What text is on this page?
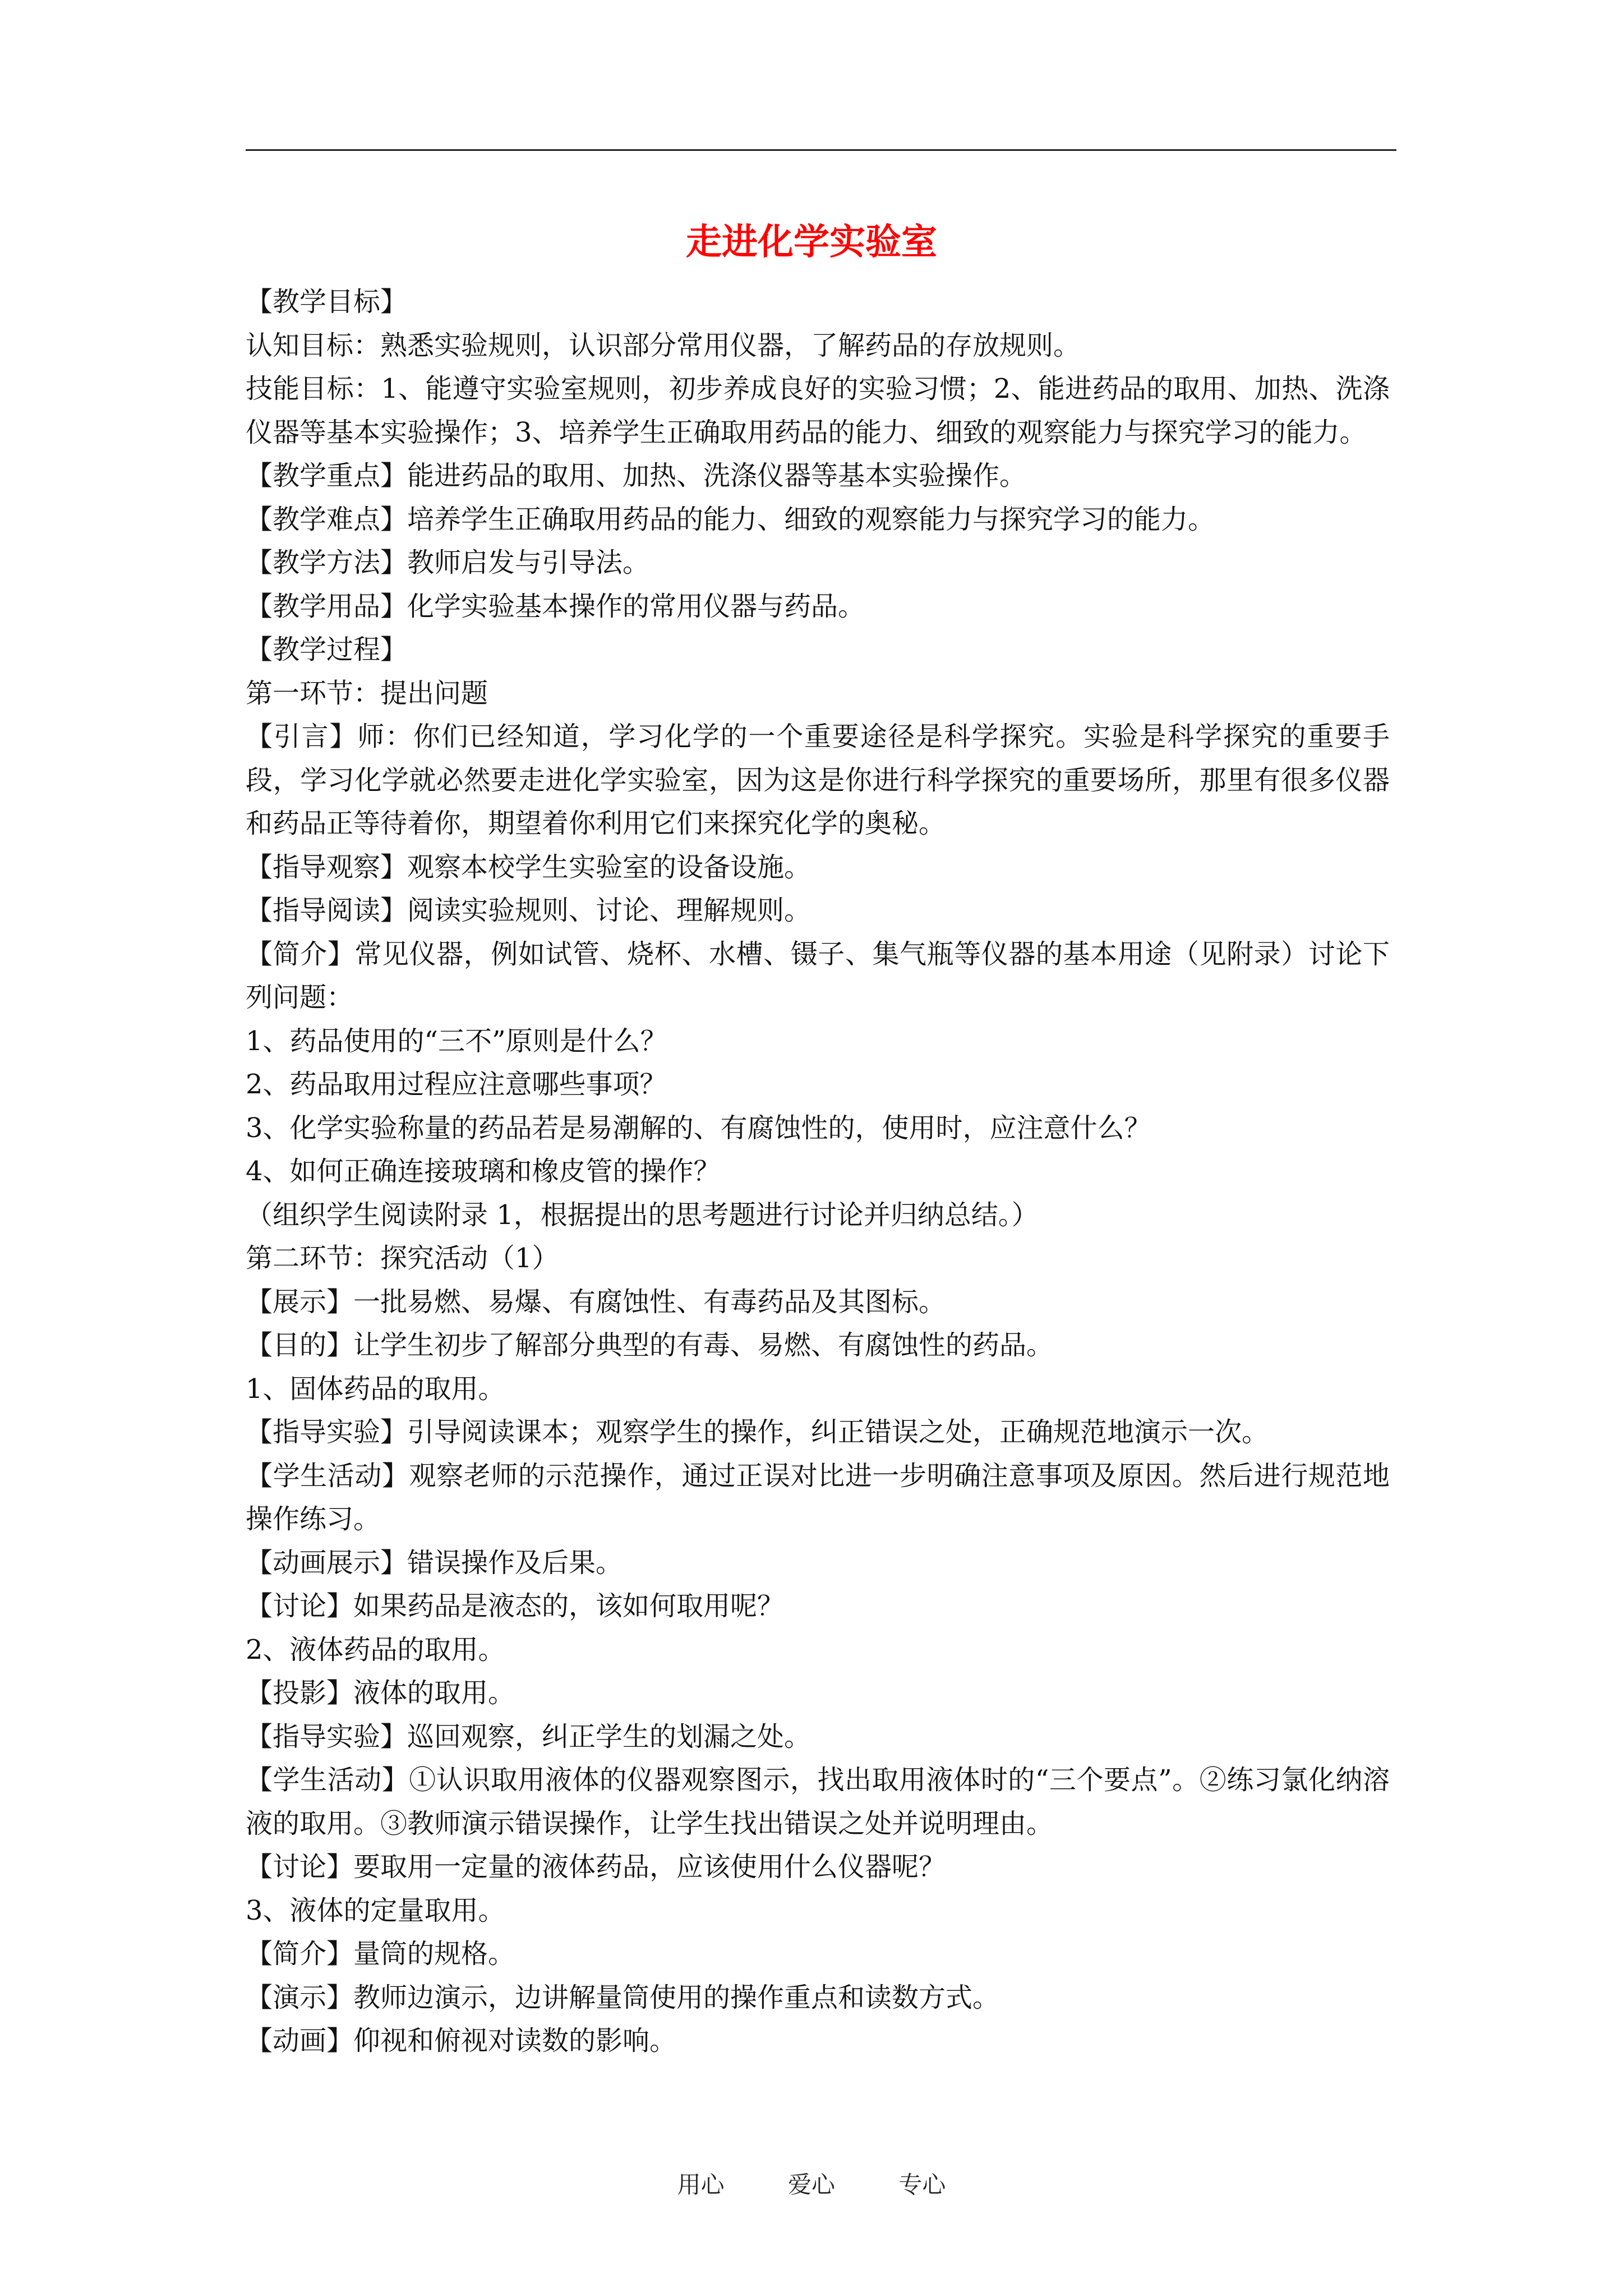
走进化学实验室

【教学目标】

认知目标：熟悉实验规则，认识部分常用仪器，了解药品的存放规则。

技能目标：1、能遵守实验室规则，初步养成良好的实验习惯；2、能进药品的取用、加热、洗涤仪器等基本实验操作；3、培养学生正确取用药品的能力、细致的观察能力与探究学习的能力。

【教学重点】能进药品的取用、加热、洗涤仪器等基本实验操作。

【教学难点】培养学生正确取用药品的能力、细致的观察能力与探究学习的能力。

【教学方法】教师启发与引导法。

【教学用品】化学实验基本操作的常用仪器与药品。

【教学过程】

第一环节：提出问题

【引言】师：你们已经知道，学习化学的一个重要途径是科学探究。实验是科学探究的重要手段，学习化学就必然要走进化学实验室，因为这是你进行科学探究的重要场所，那里有很多仪器和药品正等待着你，期望着你利用它们来探究化学的奥秘。

【指导观察】观察本校学生实验室的设备设施。

【指导阅读】阅读实验规则、讨论、理解规则。

【简介】常见仪器，例如试管、烧杯、水槽、镊子、集气瓶等仪器的基本用途（见附录）讨论下列问题：

1、药品使用的“三不”原则是什么？

2、药品取用过程应注意哪些事项？

3、化学实验称量的药品若是易潮解的、有腐蚀性的，使用时，应注意什么？

4、如何正确连接玻璃和橡皮管的操作？

（组织学生阅读附录 1，根据提出的思考题进行讨论并归纳总结。）

第二环节：探究活动（1）

【展示】一批易燃、易爆、有腐蚀性、有毒药品及其图标。

【目的】让学生初步了解部分典型的有毒、易燃、有腐蚀性的药品。

1、固体药品的取用。

【指导实验】引导阅读课本；观察学生的操作，纠正错误之处，正确规范地演示一次。

【学生活动】观察老师的示范操作，通过正误对比进一步明确注意事项及原因。然后进行规范地操作练习。

【动画展示】错误操作及后果。

【讨论】如果药品是液态的，该如何取用呢？

2、液体药品的取用。

【投影】液体的取用。

【指导实验】巡回观察，纠正学生的划漏之处。

【学生活动】①认识取用液体的仪器观察图示，找出取用液体时的“三个要点”。②练习氯化纳溶液的取用。③教师演示错误操作，让学生找出错误之处并说明理由。

【讨论】要取用一定量的液体药品，应该使用什么仪器呢？

3、液体的定量取用。

【简介】量筒的规格。

【演示】教师边演示，边讲解量筒使用的操作重点和读数方式。

【动画】仰视和俯视对读数的影响。

用心	爱心	专心
